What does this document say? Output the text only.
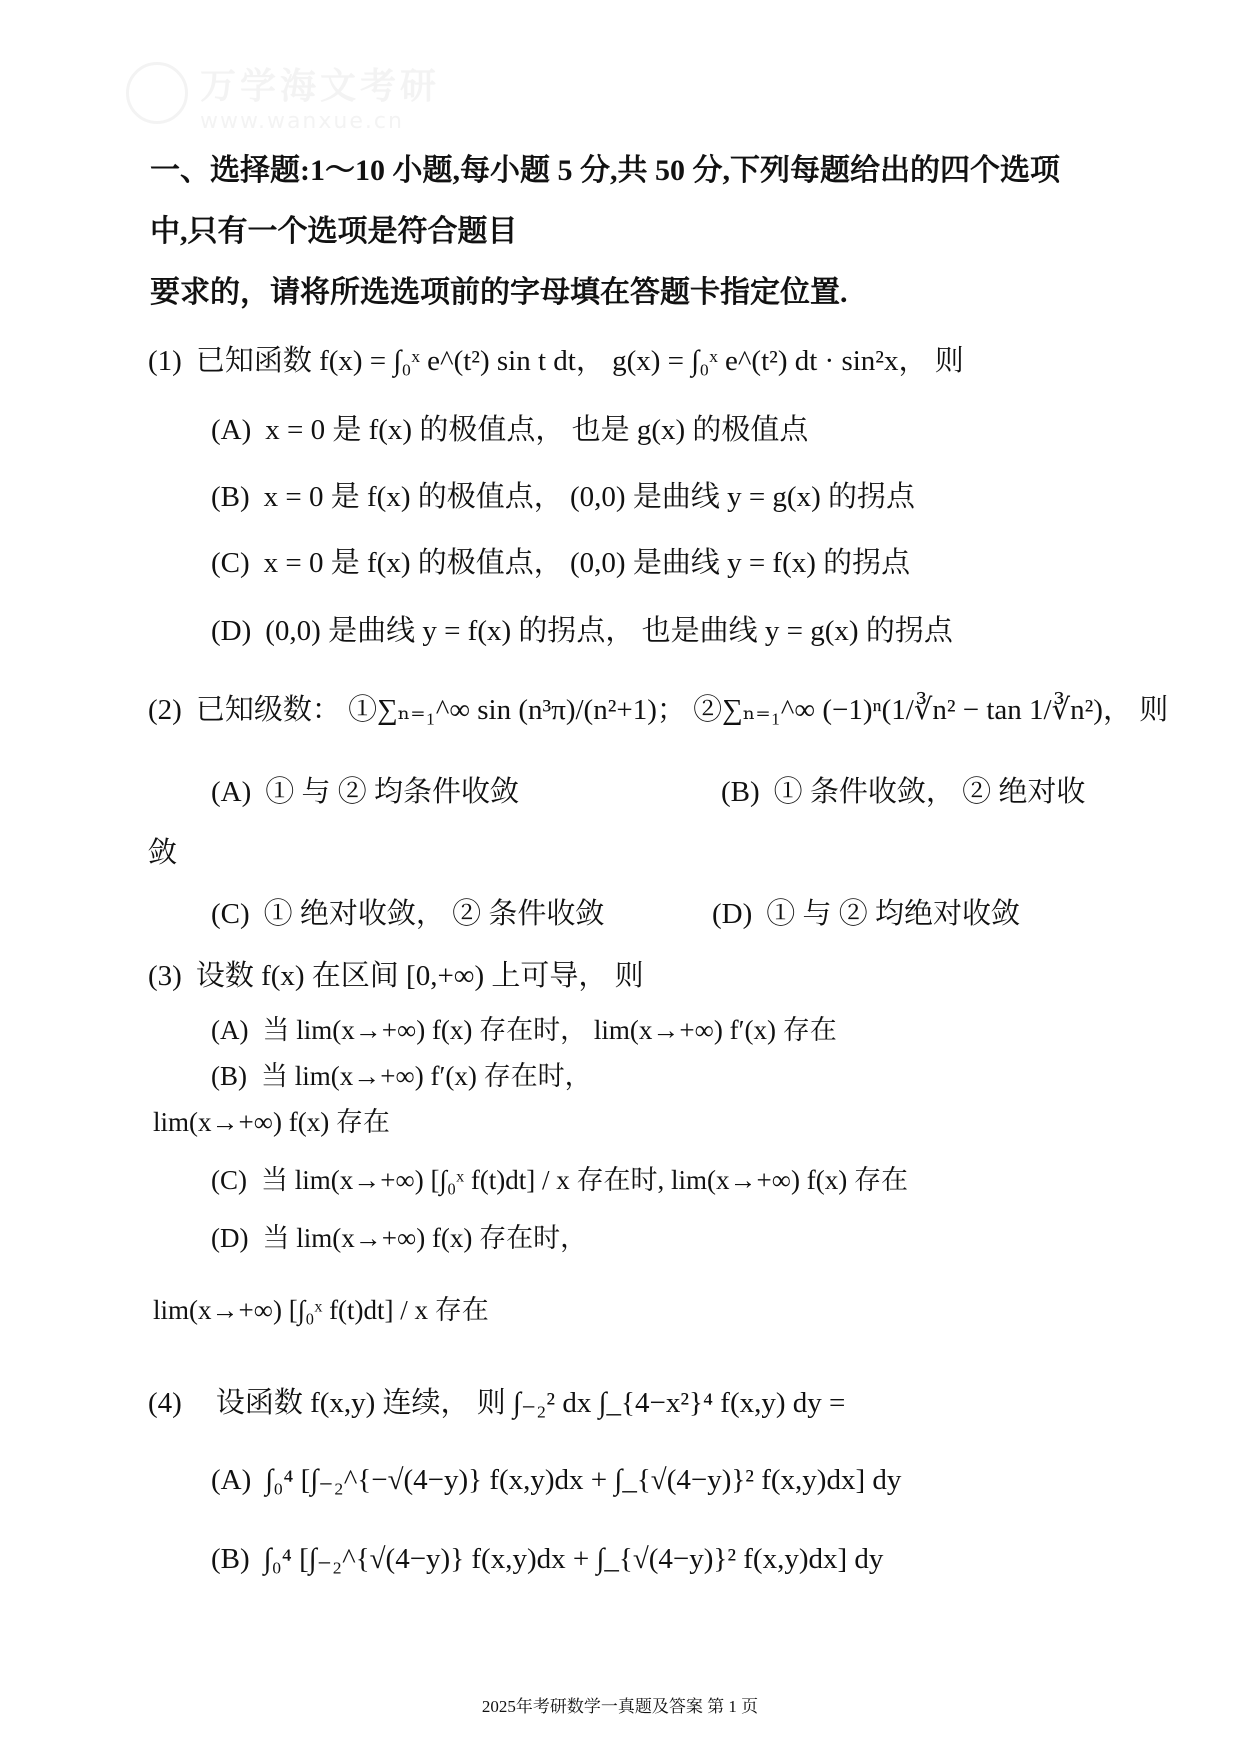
万学海文考研
www.wanxue.cn
一、选择题:1～10 小题,每小题 5 分,共 50 分,下列每题给出的四个选项
中,只有一个选项是符合题目
要求的，请将所选选项前的字母填在答题卡指定位置.
(1) 已知函数 f(x) = ∫₀ˣ e^(t²) sin t dt， g(x) = ∫₀ˣ e^(t²) dt · sin²x， 则
(A) x = 0 是 f(x) 的极值点， 也是 g(x) 的极值点
(B) x = 0 是 f(x) 的极值点， (0,0) 是曲线 y = g(x) 的拐点
(C) x = 0 是 f(x) 的极值点， (0,0) 是曲线 y = f(x) 的拐点
(D) (0,0) 是曲线 y = f(x) 的拐点， 也是曲线 y = g(x) 的拐点
(2) 已知级数： ①∑ₙ₌₁^∞ sin (n³π)/(n²+1)； ②∑ₙ₌₁^∞ (−1)ⁿ(1/∛n² − tan 1/∛n²)， 则
(A) ① 与 ② 均条件收敛	(B) ① 条件收敛， ② 绝对收
敛
(C) ① 绝对收敛， ② 条件收敛	(D) ① 与 ② 均绝对收敛
(3) 设数 f(x) 在区间 [0,+∞) 上可导， 则
(A) 当 lim(x→+∞) f(x) 存在时， lim(x→+∞) f′(x) 存在
(B) 当 lim(x→+∞) f′(x) 存在时，
lim(x→+∞) f(x) 存在
(C) 当 lim(x→+∞) [∫₀ˣ f(t)dt] / x 存在时, lim(x→+∞) f(x) 存在
(D) 当 lim(x→+∞) f(x) 存在时，
lim(x→+∞) [∫₀ˣ f(t)dt] / x 存在
(4) 设函数 f(x,y) 连续， 则 ∫₋₂² dx ∫_{4−x²}⁴ f(x,y) dy =
(A) ∫₀⁴ [∫₋₂^{−√(4−y)} f(x,y)dx + ∫_{√(4−y)}² f(x,y)dx] dy
(B) ∫₀⁴ [∫₋₂^{√(4−y)} f(x,y)dx + ∫_{√(4−y)}² f(x,y)dx] dy
2025年考研数学一真题及答案 第 1 页
